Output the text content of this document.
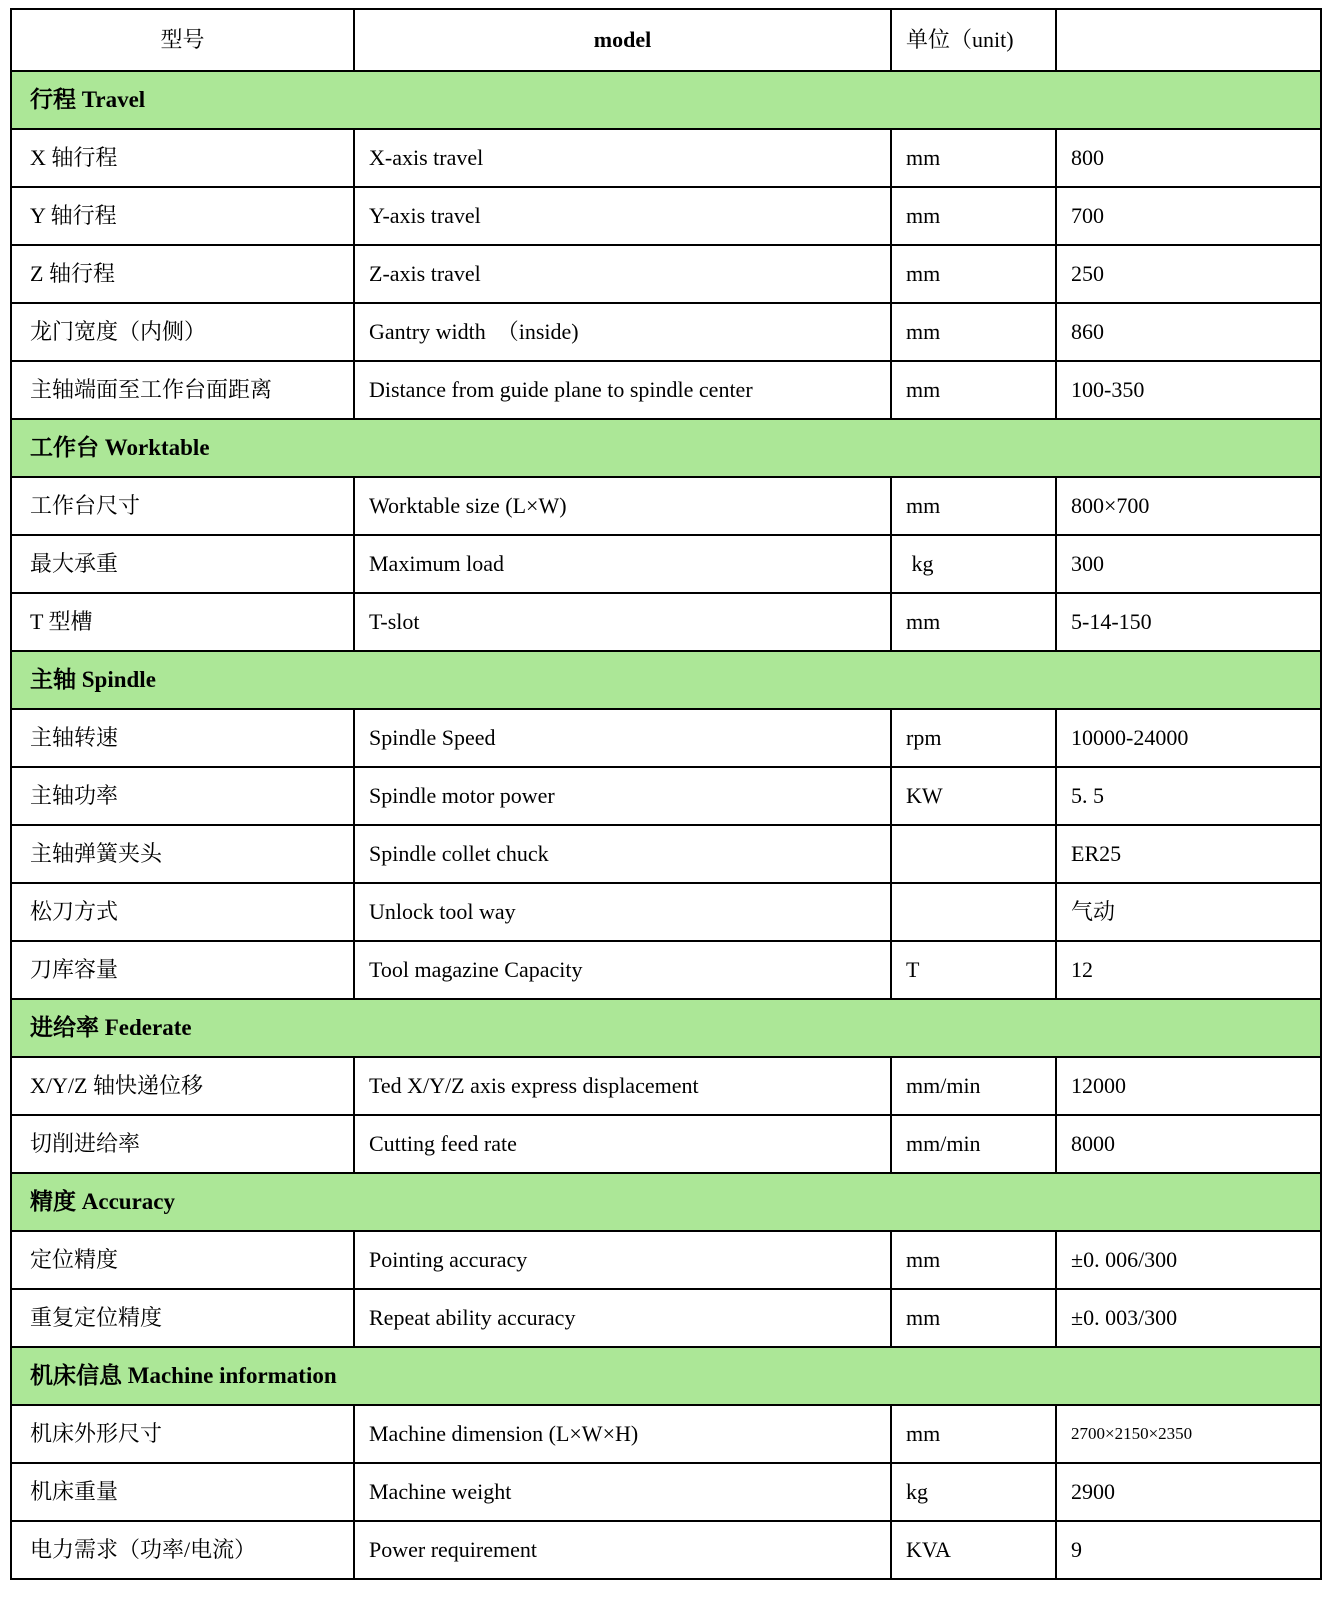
型号	model	单位（unit)	
行程 Travel			
X 轴行程	X-axis travel	mm	800
Y 轴行程	Y-axis travel	mm	700
Z 轴行程	Z-axis travel	mm	250
龙门宽度（内侧）	Gantry width  （inside)	mm	860
主轴端面至工作台面距离	Distance from guide plane to spindle center	mm	100-350
工作台 Worktable			
工作台尺寸	Worktable size (L×W)	mm	800×700
最大承重	Maximum load	kg	300
T 型槽	T-slot	mm	5-14-150
主轴 Spindle			
主轴转速	Spindle Speed	rpm	10000-24000
主轴功率	Spindle motor power	KW	5. 5
主轴弹簧夹头	Spindle collet chuck		ER25
松刀方式	Unlock tool way		气动
刀库容量	Tool magazine Capacity	T	12
进给率 Federate			
X/Y/Z 轴快递位移	Ted X/Y/Z axis express displacement	mm/min	12000
切削进给率	Cutting feed rate	mm/min	8000
精度 Accuracy			
定位精度	Pointing accuracy	mm	±0. 006/300
重复定位精度	Repeat ability accuracy	mm	±0. 003/300
机床信息 Machine information			
机床外形尺寸	Machine dimension (L×W×H)	mm	2700×2150×2350
机床重量	Machine weight	kg	2900
电力需求（功率/电流）	Power requirement	KVA	9
